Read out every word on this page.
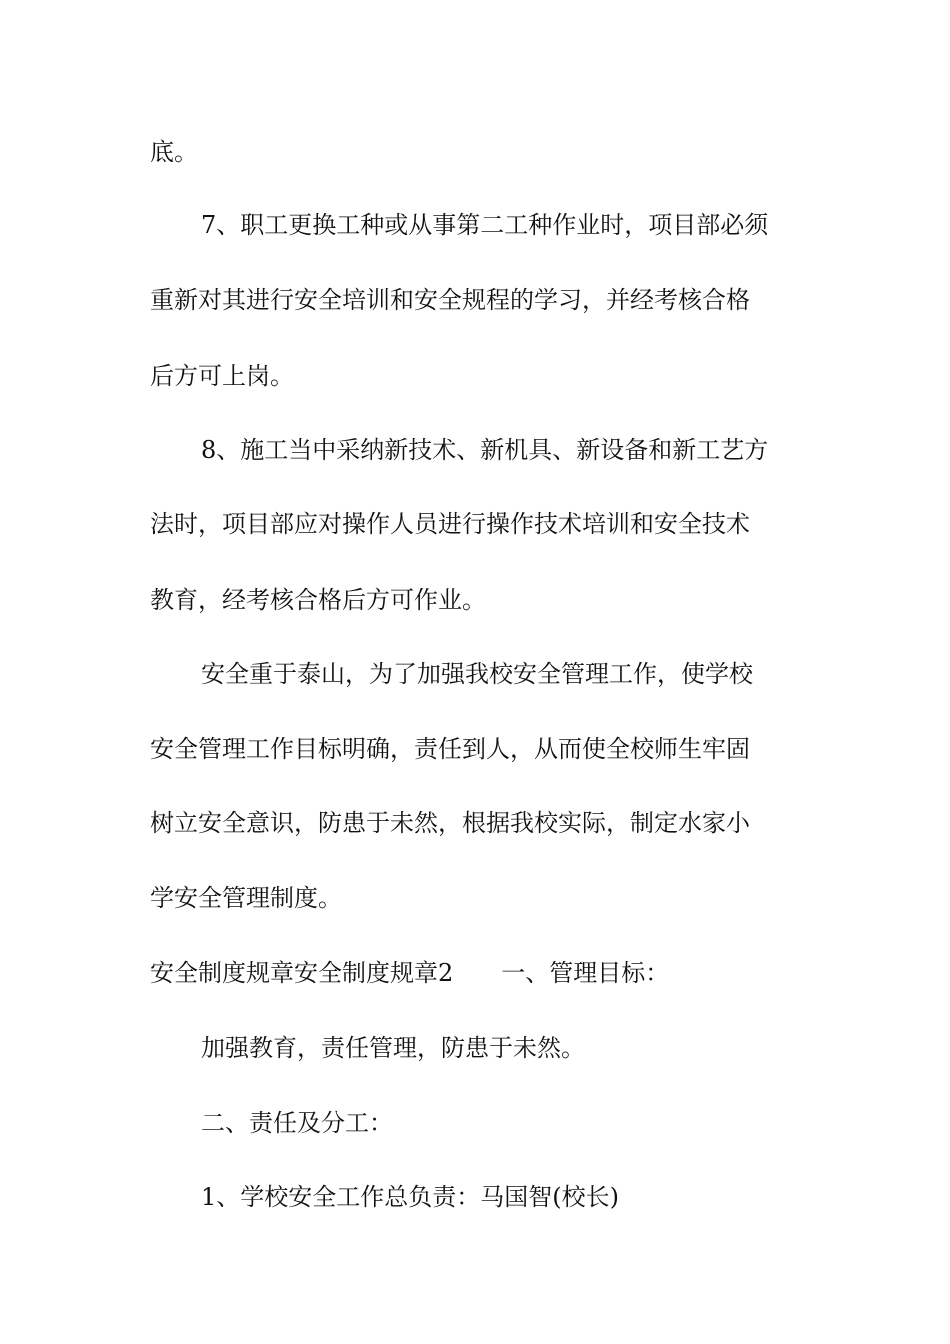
底。

7、职工更换工种或从事第二工种作业时，项目部必须

重新对其进行安全培训和安全规程的学习，并经考核合格

后方可上岗。

8、施工当中采纳新技术、新机具、新设备和新工艺方

法时，项目部应对操作人员进行操作技术培训和安全技术

教育，经考核合格后方可作业。

安全重于泰山，为了加强我校安全管理工作，使学校

安全管理工作目标明确，责任到人，从而使全校师生牢固

树立安全意识，防患于未然，根据我校实际，制定水家小

学安全管理制度。

安全制度规章安全制度规章2　　一、管理目标：

加强教育，责任管理，防患于未然。

二、责任及分工：

1、学校安全工作总负责：马国智(校长)
